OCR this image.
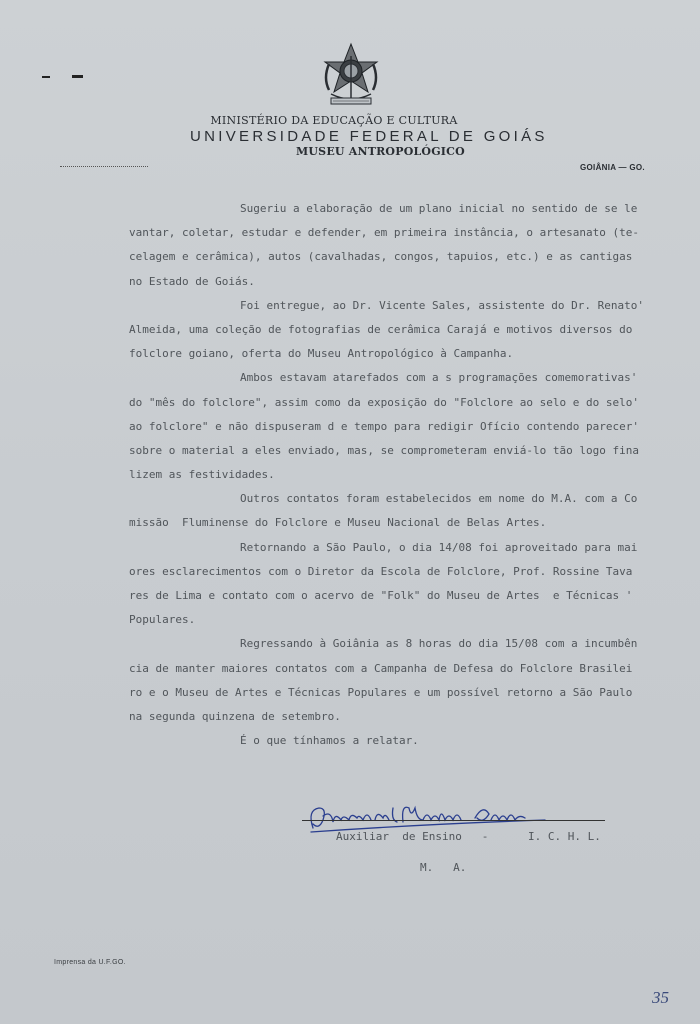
MINISTÉRIO DA EDUCAÇÃO E CULTURA
UNIVERSIDADE FEDERAL DE GOIÁS
MUSEU ANTROPOLÓGICO
GOIÂNIA — GO.
Sugeriu a elaboração de um plano inicial no sentido de se le
vantar, coletar, estudar e defender, em primeira instância, o artesanato (te-
celagem e cerâmica), autos (cavalhadas, congos, tapuios, etc.) e as cantigas
no Estado de Goiás.
Foi entregue, ao Dr. Vicente Sales, assistente do Dr. Renato'
Almeida, uma coleção de fotografias de cerâmica Carajá e motivos diversos do
folclore goiano, oferta do Museu Antropológico à Campanha.
Ambos estavam atarefados com a s programações comemorativas'
do "mês do folclore", assim como da exposição do "Folclore ao selo e do selo'
ao folclore" e não dispuseram d e tempo para redigir Ofício contendo parecer'
sobre o material a eles enviado, mas, se comprometeram enviá-lo tão logo fina
lizem as festividades.
Outros contatos foram estabelecidos em nome do M.A. com a Co
missão  Fluminense do Folclore e Museu Nacional de Belas Artes.
Retornando a São Paulo, o dia 14/08 foi aproveitado para mai
ores esclarecimentos com o Diretor da Escola de Folclore, Prof. Rossine Tava
res de Lima e contato com o acervo de "Folk" do Museu de Artes  e Técnicas '
Populares.
Regressando à Goiânia as 8 horas do dia 15/08 com a incumbên
cia de manter maiores contatos com a Campanha de Defesa do Folclore Brasilei
ro e o Museu de Artes e Técnicas Populares e um possível retorno a São Paulo
na segunda quinzena de setembro.
É o que tínhamos a relatar.
Auxiliar  de Ensino   -      I. C. H. L.
M.   A.
Imprensa da U.F.GO.
35
